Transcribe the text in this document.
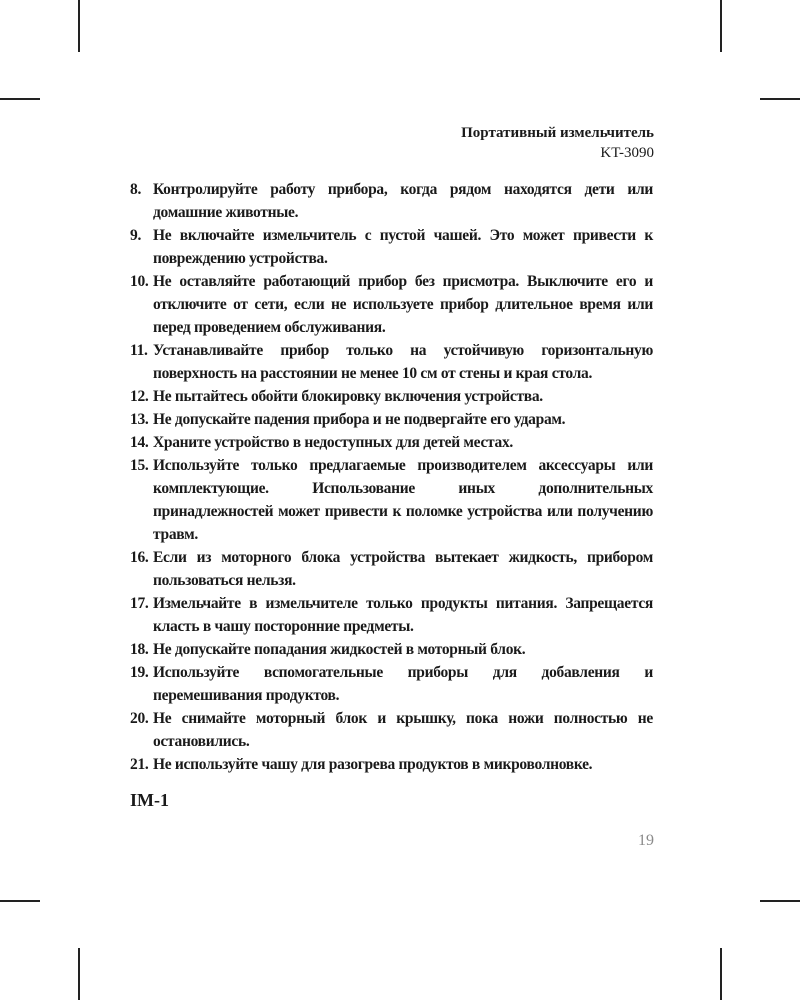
Портативный измельчитель
KT-3090
8. Контролируйте работу прибора, когда рядом находятся дети или домашние животные.
9. Не включайте измельчитель с пустой чашей. Это может привести к повреждению устройства.
10. Не оставляйте работающий прибор без присмотра. Выключите его и отключите от сети, если не используете прибор длительное время или перед проведением обслуживания.
11. Устанавливайте прибор только на устойчивую горизонтальную поверхность на расстоянии не менее 10 см от стены и края стола.
12. Не пытайтесь обойти блокировку включения устройства.
13. Не допускайте падения прибора и не подвергайте его ударам.
14. Храните устройство в недоступных для детей местах.
15. Используйте только предлагаемые производителем аксессуары или комплектующие. Использование иных дополнительных принадлежностей может привести к поломке устройства или получению травм.
16. Если из моторного блока устройства вытекает жидкость, прибором пользоваться нельзя.
17. Измельчайте в измельчителе только продукты питания. Запрещается класть в чашу посторонние предметы.
18. Не допускайте попадания жидкостей в моторный блок.
19. Используйте вспомогательные приборы для добавления и перемешивания продуктов.
20. Не снимайте моторный блок и крышку, пока ножи полностью не остановились.
21. Не используйте чашу для разогрева продуктов в микроволновке.
IM-1
19
